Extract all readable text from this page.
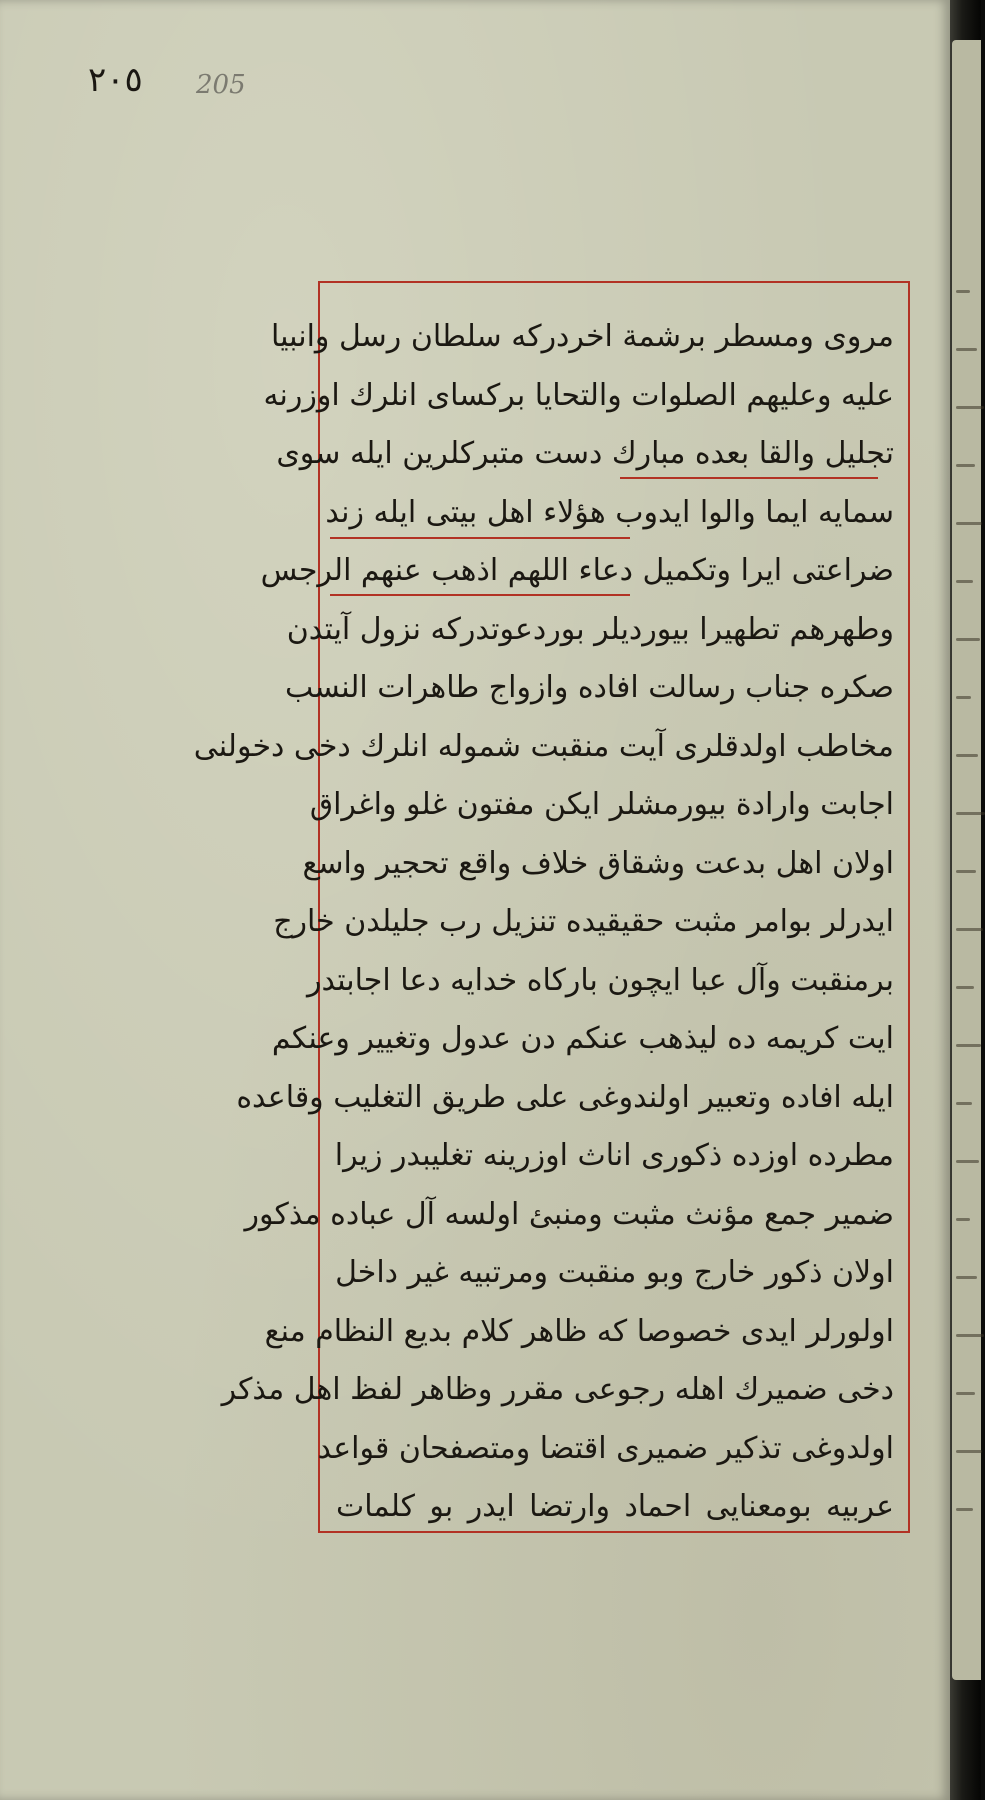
٢٠٥ 205
مروی ومسطر برشمة اخردرکه سلطان رسل وانبیا
علیه وعلیهم الصلوات والتحایا برکسای انلرك اوزرنه
تجلیل والقا بعده مبارك دست متبرکلرین ایله سوی
سمایه ایما والوا ایدوب هؤلاء اهل بیتی ایله زند
ضراعتی ایرا وتکمیل دعاء اللهم اذهب عنهم الرجس
وطهرهم تطهیرا بیوردیلر بوردعوتدرکه نزول آیتدن
صکره جناب رسالت افاده وازواج طاهرات النسب
مخاطب اولدقلری آیت منقبت شموله انلرك دخی دخولنی
اجابت وارادة بیورمشلر ایکن مفتون غلو واغراق
اولان اهل بدعت وشقاق خلاف واقع تحجیر واسع
ایدرلر بوامر مثبت حقیقیده تنزیل رب جلیلدن خارج
برمنقبت وآل عبا ایچون بارکاه خدایه دعا اجابتدر
ایت کریمه ده لیذهب عنکم دن عدول وتغییر وعنکم
ایله افاده وتعبیر اولندوغی علی طریق التغلیب وقاعده
مطرده اوزده ذکوری اناث اوزرینه تغلیبدر زیرا
ضمیر جمع مؤنث مثبت ومنبئ اولسه آل عباده مذکور
اولان ذکور خارج وبو منقبت ومرتبیه غیر داخل
اولورلر ایدی خصوصا که ظاهر کلام بدیع النظام منع
دخی ضمیرك اهله رجوعی مقرر وظاهر لفظ اهل مذکر
اولدوغی تذکیر ضمیری اقتضا ومتصفحان قواعد
عربیه بومعنایی احماد وارتضا ایدر بو کلمات
